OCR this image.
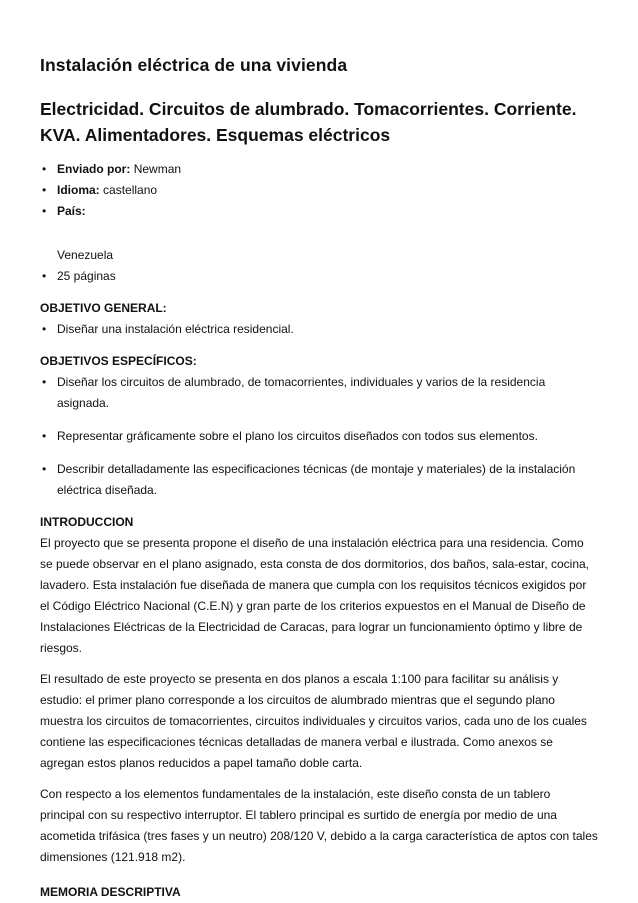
Instalación eléctrica de una vivienda
Electricidad. Circuitos de alumbrado. Tomacorrientes. Corriente. KVA. Alimentadores. Esquemas eléctricos
• Enviado por: Newman
• Idioma: castellano
• País:
Venezuela
• 25 páginas

OBJETIVO GENERAL:

• Diseñar una instalación eléctrica residencial.

OBJETIVOS ESPECÍFICOS:

• Diseñar los circuitos de alumbrado, de tomacorrientes, individuales y varios de la residencia asignada.
• Representar gráficamente sobre el plano los circuitos diseñados con todos sus elementos.
• Describir detalladamente las especificaciones técnicas (de montaje y materiales) de la instalación eléctrica diseñada.

INTRODUCCION

El proyecto que se presenta propone el diseño de una instalación eléctrica para una residencia. Como se puede observar en el plano asignado, esta consta de dos dormitorios, dos baños, sala-estar, cocina, lavadero. Esta instalación fue diseñada de manera que cumpla con los requisitos técnicos exigidos por el Código Eléctrico Nacional (C.E.N) y gran parte de los criterios expuestos en el Manual de Diseño de Instalaciones Eléctricas de la Electricidad de Caracas, para lograr un funcionamiento óptimo y libre de riesgos.

El resultado de este proyecto se presenta en dos planos a escala 1:100 para facilitar su análisis y estudio: el primer plano corresponde a los circuitos de alumbrado mientras que el segundo plano muestra los circuitos de tomacorrientes, circuitos individuales y circuitos varios, cada uno de los cuales contiene las especificaciones técnicas detalladas de manera verbal e ilustrada. Como anexos se agregan estos planos reducidos a papel tamaño doble carta.

Con respecto a los elementos fundamentales de la instalación, este diseño consta de un tablero principal con su respectivo interruptor. El tablero principal es surtido de energía por medio de una acometida trifásica (tres fases y un neutro) 208/120 V, debido a la carga característica de aptos con tales dimensiones (121.918 m2).

MEMORIA DESCRIPTIVA
